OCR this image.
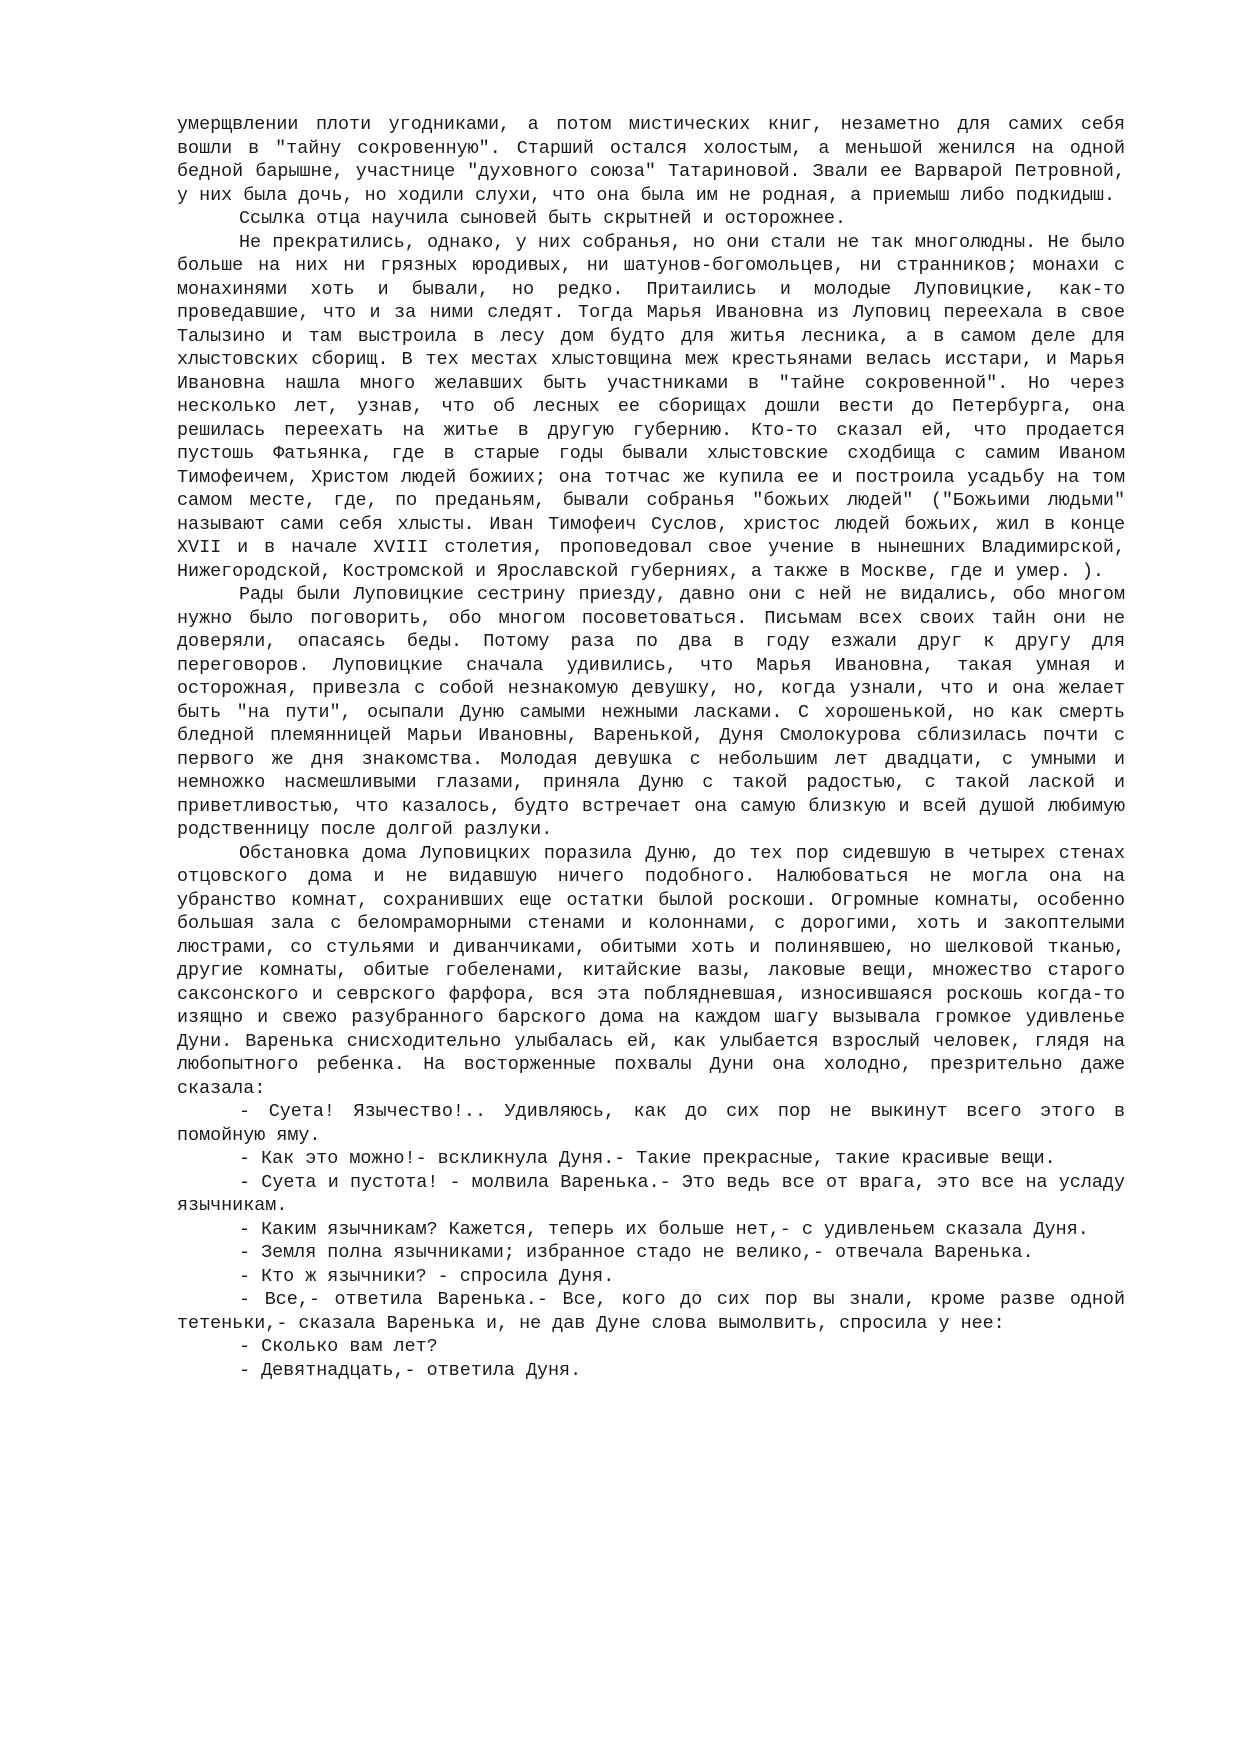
умерщвлении плоти угодниками, а потом мистических книг, незаметно для самих себя вошли в "тайну сокровенную". Старший остался холостым, а меньшой женился на одной бедной барышне, участнице "духовного союза" Татариновой. Звали ее Варварой Петровной, у них была дочь, но ходили слухи, что она была им не родная, а приемыш либо подкидыш.

Ссылка отца научила сыновей быть скрытней и осторожнее.

Не прекратились, однако, у них собранья, но они стали не так многолюдны. Не было больше на них ни грязных юродивых, ни шатунов-богомольцев, ни странников; монахи с монахинями хоть и бывали, но редко. Притаились и молодые Луповицкие, как-то проведавшие, что и за ними следят. Тогда Марья Ивановна из Луповиц переехала в свое Талызино и там выстроила в лесу дом будто для житья лесника, а в самом деле для хлыстовских сборищ. В тех местах хлыстовщина меж крестьянами велась исстари, и Марья Ивановна нашла много желавших быть участниками в "тайне сокровенной". Но через несколько лет, узнав, что об лесных ее сборищах дошли вести до Петербурга, она решилась переехать на житье в другую губернию. Кто-то сказал ей, что продается пустошь Фатьянка, где в старые годы бывали хлыстовские сходбища с самим Иваном Тимофеичем, Христом людей божиих; она тотчас же купила ее и построила усадьбу на том самом месте, где, по преданьям, бывали собранья "божьих людей" ("Божьими людьми" называют сами себя хлысты. Иван Тимофеич Суслов, христос людей божьих, жил в конце XVII и в начале XVIII столетия, проповедовал свое учение в нынешних Владимирской, Нижегородской, Костромской и Ярославской губерниях, а также в Москве, где и умер. ).

Рады были Луповицкие сестрину приезду, давно они с ней не видались, обо многом нужно было поговорить, обо многом посоветоваться. Письмам всех своих тайн они не доверяли, опасаясь беды. Потому раза по два в году езжали друг к другу для переговоров. Луповицкие сначала удивились, что Марья Ивановна, такая умная и осторожная, привезла с собой незнакомую девушку, но, когда узнали, что и она желает быть "на пути", осыпали Дуню самыми нежными ласками. С хорошенькой, но как смерть бледной племянницей Марьи Ивановны, Варенькой, Дуня Смолокурова сблизилась почти с первого же дня знакомства. Молодая девушка с небольшим лет двадцати, с умными и немножко насмешливыми глазами, приняла Дуню с такой радостью, с такой лаской и приветливостью, что казалось, будто встречает она самую близкую и всей душой любимую родственницу после долгой разлуки.

Обстановка дома Луповицких поразила Дуню, до тех пор сидевшую в четырех стенах отцовского дома и не видавшую ничего подобного. Налюбоваться не могла она на убранство комнат, сохранивших еще остатки былой роскоши. Огромные комнаты, особенно большая зала с беломраморными стенами и колоннами, с дорогими, хоть и закоптелыми люстрами, со стульями и диванчиками, обитыми хоть и полинявшею, но шелковой тканью, другие комнаты, обитые гобеленами, китайские вазы, лаковые вещи, множество старого саксонского и севрского фарфора, вся эта поблядневшая, износившаяся роскошь когда-то изящно и свежо разубранного барского дома на каждом шагу вызывала громкое удивленье Дуни. Варенька снисходительно улыбалась ей, как улыбается взрослый человек, глядя на любопытного ребенка. На восторженные похвалы Дуни она холодно, презрительно даже сказала:

- Суета! Язычество!.. Удивляюсь, как до сих пор не выкинут всего этого в помойную яму.

- Как это можно!- вскликнула Дуня.- Такие прекрасные, такие красивые вещи.

- Суета и пустота! - молвила Варенька.- Это ведь все от врага, это все на усладу язычникам.

- Каким язычникам? Кажется, теперь их больше нет,- с удивленьем сказала Дуня.

- Земля полна язычниками; избранное стадо не велико,- отвечала Варенька.

- Кто ж язычники? - спросила Дуня.

- Все,- ответила Варенька.- Все, кого до сих пор вы знали, кроме разве одной тетеньки,- сказала Варенька и, не дав Дуне слова вымолвить, спросила у нее:

- Сколько вам лет?

- Девятнадцать,- ответила Дуня.
